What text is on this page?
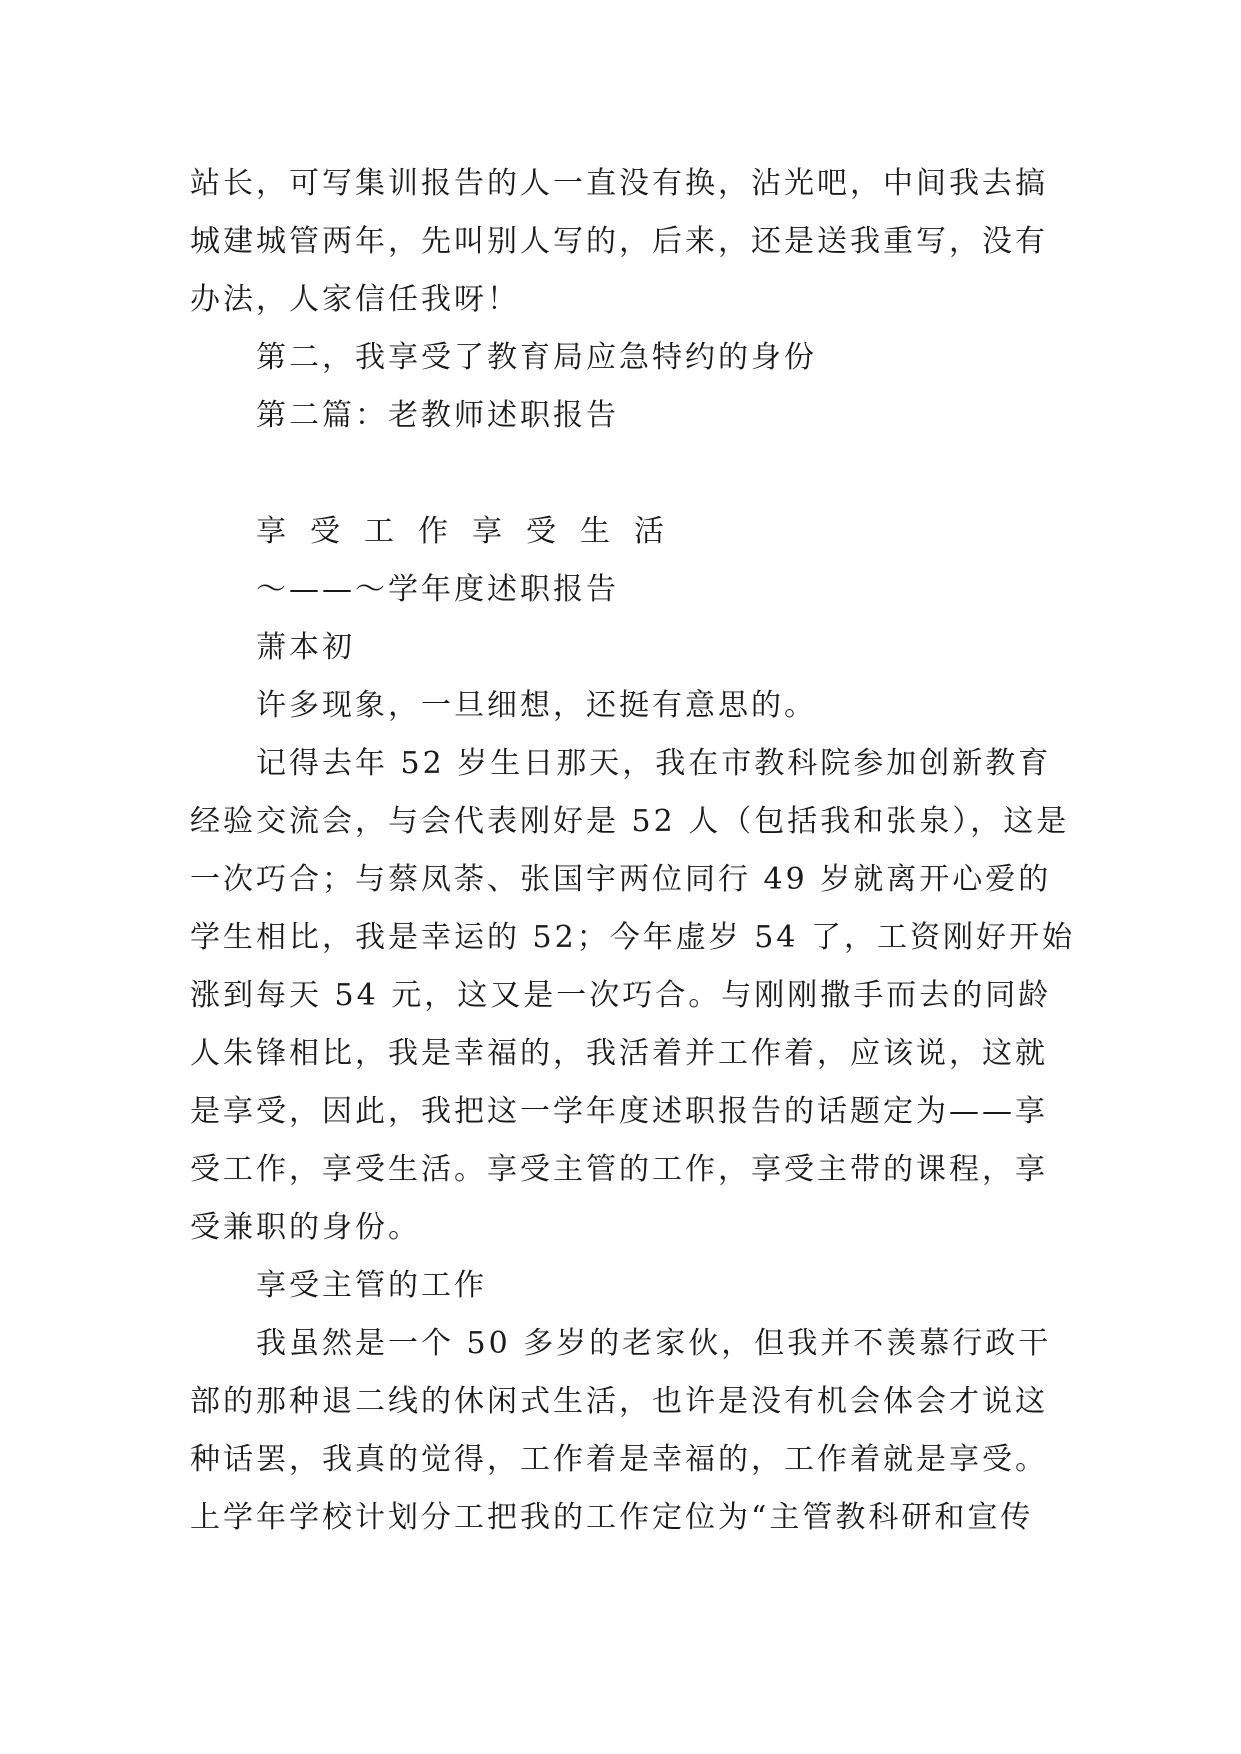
站长，可写集训报告的人一直没有换，沾光吧，中间我去搞
城建城管两年，先叫别人写的，后来，还是送我重写，没有
办法，人家信任我呀！
第二，我享受了教育局应急特约的身份
第二篇：老教师述职报告
享受工作享受生活
～——～学年度述职报告
萧本初
许多现象，一旦细想，还挺有意思的。
记得去年 52 岁生日那天，我在市教科院参加创新教育
经验交流会，与会代表刚好是 52 人（包括我和张泉），这是
一次巧合；与蔡凤荼、张国宇两位同行 49 岁就离开心爱的
学生相比，我是幸运的 52；今年虚岁 54 了，工资刚好开始
涨到每天 54 元，这又是一次巧合。与刚刚撒手而去的同龄
人朱锋相比，我是幸福的，我活着并工作着，应该说，这就
是享受，因此，我把这一学年度述职报告的话题定为——享
受工作，享受生活。享受主管的工作，享受主带的课程，享
受兼职的身份。
享受主管的工作
我虽然是一个 50 多岁的老家伙，但我并不羡慕行政干
部的那种退二线的休闲式生活，也许是没有机会体会才说这
种话罢，我真的觉得，工作着是幸福的，工作着就是享受。
上学年学校计划分工把我的工作定位为“主管教科研和宣传
